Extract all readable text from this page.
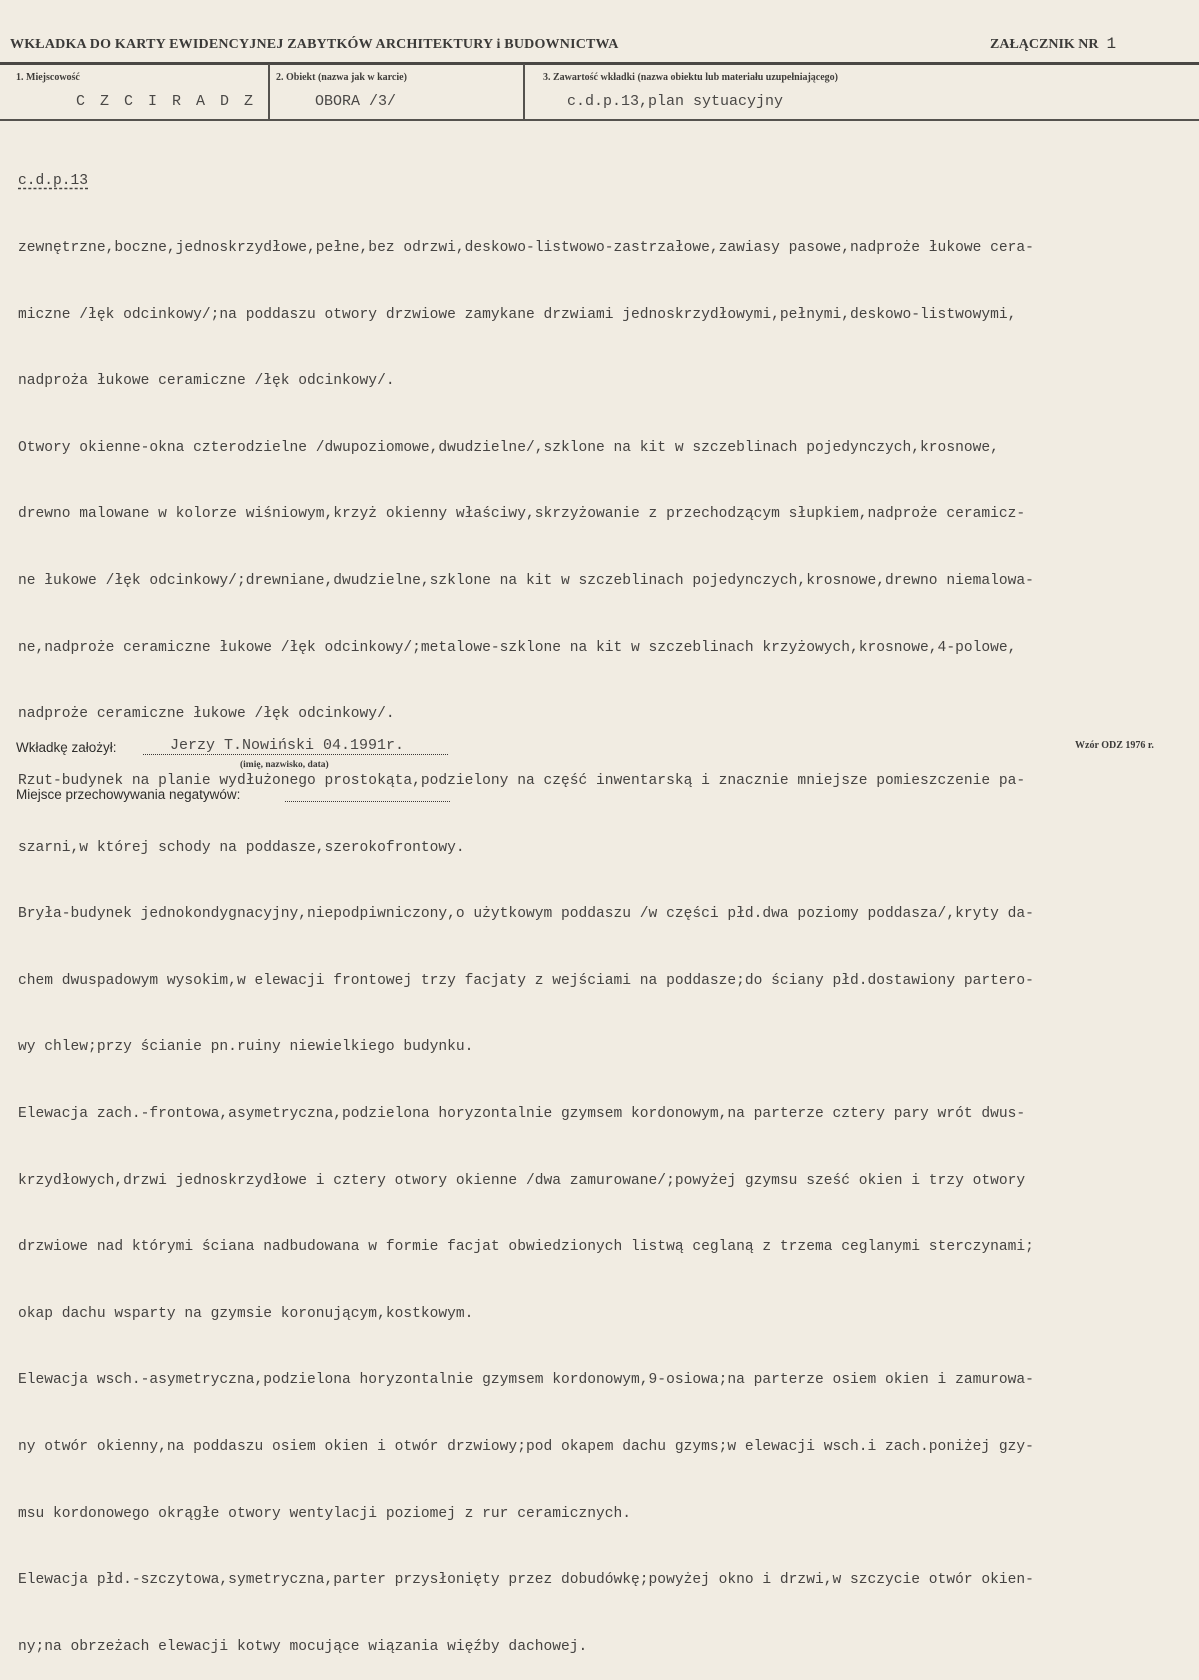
WKŁADKA DO KARTY EWIDENCYJNEJ ZABYTKÓW ARCHITEKTURY i BUDOWNICTWA	ZAŁĄCZNIK NR 1
1. Miejscowość
C Z C I R A D Z
2. Obiekt (nazwa jak w karcie)
OBORA /3/
3. Zawartość wkładki (nazwa obiektu lub materiału uzupełniającego)
c.d.p.13,plan sytuacyjny

c.d.p.13

zewnętrzne,boczne,jednoskrzydłowe,pełne,bez odrzwi,deskowo-listwowo-zastrzałowe,zawiasy pasowe,nadproże łukowe cera-

miczne /łęk odcinkowy/;na poddaszu otwory drzwiowe zamykane drzwiami jednoskrzydłowymi,pełnymi,deskowo-listwowymi,

nadproża łukowe ceramiczne /łęk odcinkowy/.

Otwory okienne-okna czterodzielne /dwupoziomowe,dwudzielne/,szklone na kit w szczeblinach pojedynczych,krosnowe,

drewno malowane w kolorze wiśniowym,krzyż okienny właściwy,skrzyżowanie z przechodzącym słupkiem,nadproże ceramicz-

ne łukowe /łęk odcinkowy/;drewniane,dwudzielne,szklone na kit w szczeblinach pojedynczych,krosnowe,drewno niemalowa-

ne,nadproże ceramiczne łukowe /łęk odcinkowy/;metalowe-szklone na kit w szczeblinach krzyżowych,krosnowe,4-polowe,

nadproże ceramiczne łukowe /łęk odcinkowy/.

Rzut-budynek na planie wydłużonego prostokąta,podzielony na część inwentarską i znacznie mniejsze pomieszczenie pa-

szarni,w której schody na poddasze,szerokofrontowy.

Bryła-budynek jednokondygnacyjny,niepodpiwniczony,o użytkowym poddaszu /w części płd.dwa poziomy poddasza/,kryty da-

chem dwuspadowym wysokim,w elewacji frontowej trzy facjaty z wejściami na poddasze;do ściany płd.dostawiony partero-

wy chlew;przy ścianie pn.ruiny niewielkiego budynku.

Elewacja zach.-frontowa,asymetryczna,podzielona horyzontalnie gzymsem kordonowym,na parterze cztery pary wrót dwus-

krzydłowych,drzwi jednoskrzydłowe i cztery otwory okienne /dwa zamurowane/;powyżej gzymsu sześć okien i trzy otwory

drzwiowe nad którymi ściana nadbudowana w formie facjat obwiedzionych listwą ceglaną z trzema ceglanymi sterczynami;

okap dachu wsparty na gzymsie koronującym,kostkowym.

Elewacja wsch.-asymetryczna,podzielona horyzontalnie gzymsem kordonowym,9-osiowa;na parterze osiem okien i zamurowa-

ny otwór okienny,na poddaszu osiem okien i otwór drzwiowy;pod okapem dachu gzyms;w elewacji wsch.i zach.poniżej gzy-

msu kordonowego okrągłe otwory wentylacji poziomej z rur ceramicznych.

Elewacja płd.-szczytowa,symetryczna,parter przysłonięty przez dobudówkę;powyżej okno i drzwi,w szczycie otwór okien-

ny;na obrzeżach elewacji kotwy mocujące wiązania więźby dachowej.

Wkładkę założył:	Jerzy T.Nowiński 04.1991r.
(imię, nazwisko, data)
Wzór ODZ 1976 r.
Miejsce przechowywania negatywów:
